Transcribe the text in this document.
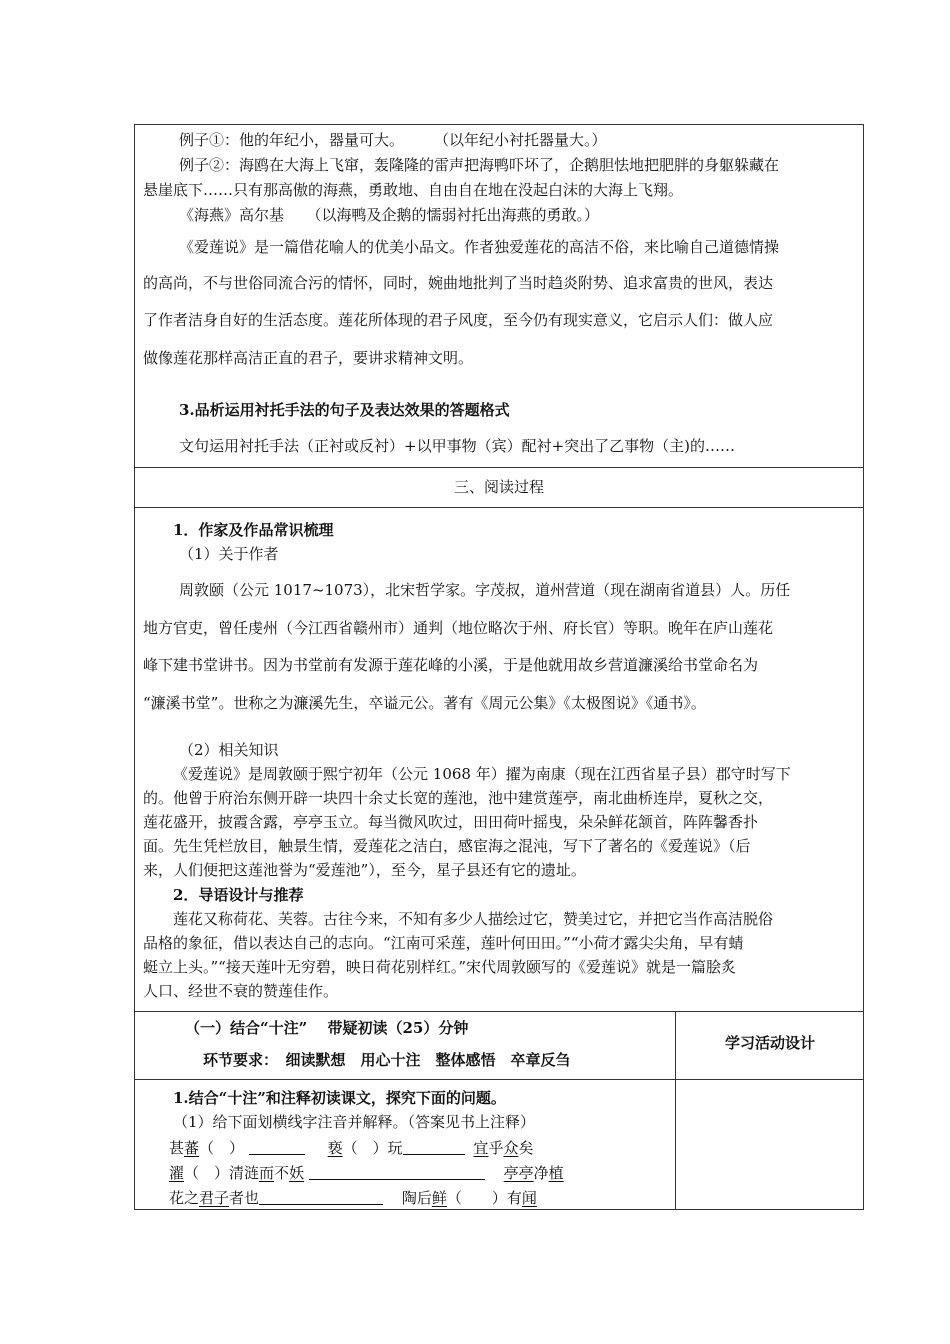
例子①：他的年纪小，器量可大。　　　（以年纪小衬托器量大。）
例子②：海鸥在大海上飞窜，轰隆隆的雷声把海鸭吓坏了，企鹅胆怯地把肥胖的身躯躲藏在
悬崖底下……只有那高傲的海燕，勇敢地、自由自在地在没起白沫的大海上飞翔。
《海燕》高尔基　　（以海鸭及企鹅的懦弱衬托出海燕的勇敢。）
《爱莲说》是一篇借花喻人的优美小品文。作者独爱莲花的高洁不俗，来比喻自己道德情操
的高尚，不与世俗同流合污的情怀，同时，婉曲地批判了当时趋炎附势、追求富贵的世风，表达
了作者洁身自好的生活态度。莲花所体现的君子风度，至今仍有现实意义，它启示人们：做人应
做像莲花那样高洁正直的君子，要讲求精神文明。
3.品析运用衬托手法的句子及表达效果的答题格式
文句运用衬托手法（正衬或反衬）+以甲事物（宾）配衬+突出了乙事物（主)的……
三、阅读过程
1．作家及作品常识梳理
（1）关于作者
周敦颐（公元 1017~1073），北宋哲学家。字茂叔，道州营道（现在湖南省道县）人。历任
地方官吏，曾任虔州（今江西省赣州市）通判（地位略次于州、府长官）等职。晚年在庐山莲花
峰下建书堂讲书。因为书堂前有发源于莲花峰的小溪，于是他就用故乡营道濂溪给书堂命名为
“濂溪书堂”。世称之为濂溪先生，卒谥元公。著有《周元公集》《太极图说》《通书》。
（2）相关知识
《爱莲说》是周敦颐于熙宁初年（公元 1068 年）擢为南康（现在江西省星子县）郡守时写下
的。他曾于府治东侧开辟一块四十余丈长宽的莲池，池中建赏莲亭，南北曲桥连岸，夏秋之交，
莲花盛开，披霞含露，亭亭玉立。每当微风吹过，田田荷叶摇曳，朵朵鲜花颔首，阵阵馨香扑
面。先生凭栏放目，触景生情，爱莲花之洁白，感宦海之混沌，写下了著名的《爱莲说》（后
来，人们便把这莲池誉为“爱莲池”），至今，星子县还有它的遗址。
2．导语设计与推荐
莲花又称荷花、芙蓉。古往今来，不知有多少人描绘过它，赞美过它，并把它当作高洁脱俗
品格的象征，借以表达自己的志向。“江南可采莲，莲叶何田田。”“小荷才露尖尖角，早有蜻
蜓立上头。”“接天莲叶无穷碧，映日荷花别样红。”宋代周敦颐写的《爱莲说》就是一篇脍炙
人口、经世不衰的赞莲佳作。
（一）结合“十注”　 带疑初读（25）分钟
环节要求：　细读默想　用心十注　整体感悟　卒章反刍
学习活动设计
1.结合“十注”和注释初读课文，探究下面的问题。
（1）给下面划横线字注音并解释。（答案见书上注释）
甚蕃（　）	亵（　）玩	宜乎众矣
濯（　）清涟而不妖	亭亭净植
花之君子者也	陶后鲜（　　）有闻
